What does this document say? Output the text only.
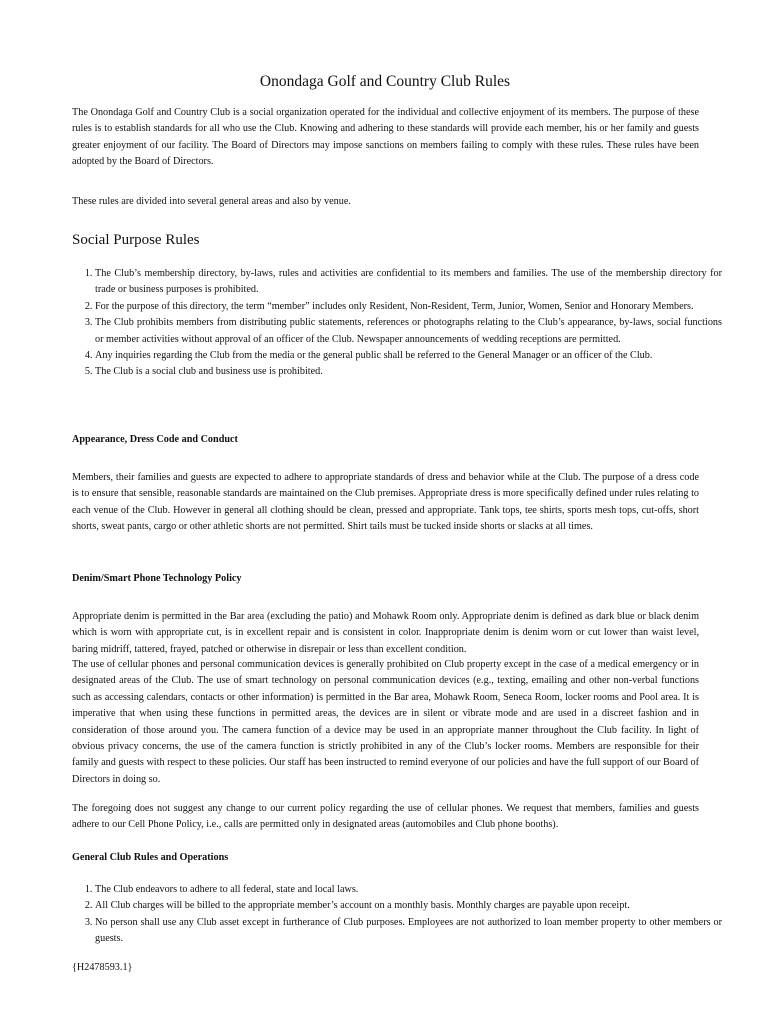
Onondaga Golf and Country Club Rules

The Onondaga Golf and Country Club is a social organization operated for the individual and collective enjoyment of its members. The purpose of these rules is to establish standards for all who use the Club. Knowing and adhering to these standards will provide each member, his or her family and guests greater enjoyment of our facility. The Board of Directors may impose sanctions on members failing to comply with these rules. These rules have been adopted by the Board of Directors.

These rules are divided into several general areas and also by venue.

Social Purpose Rules
1. The Club’s membership directory, by-laws, rules and activities are confidential to its members and families. The use of the membership directory for trade or business purposes is prohibited.
2. For the purpose of this directory, the term “member” includes only Resident, Non-Resident, Term, Junior, Women, Senior and Honorary Members.
3. The Club prohibits members from distributing public statements, references or photographs relating to the Club’s appearance, by-laws, social functions or member activities without approval of an officer of the Club. Newspaper announcements of wedding receptions are permitted.
4. Any inquiries regarding the Club from the media or the general public shall be referred to the General Manager or an officer of the Club.
5. The Club is a social club and business use is prohibited.
Appearance, Dress Code and Conduct

Members, their families and guests are expected to adhere to appropriate standards of dress and behavior while at the Club. The purpose of a dress code is to ensure that sensible, reasonable standards are maintained on the Club premises. Appropriate dress is more specifically defined under rules relating to each venue of the Club. However in general all clothing should be clean, pressed and appropriate. Tank tops, tee shirts, sports mesh tops, cut-offs, short shorts, sweat pants, cargo or other athletic shorts are not permitted. Shirt tails must be tucked inside shorts or slacks at all times.

Denim/Smart Phone Technology Policy

Appropriate denim is permitted in the Bar area (excluding the patio) and Mohawk Room only. Appropriate denim is defined as dark blue or black denim which is worn with appropriate cut, is in excellent repair and is consistent in color. Inappropriate denim is denim worn or cut lower than waist level, baring midriff, tattered, frayed, patched or otherwise in disrepair or less than excellent condition.

The use of cellular phones and personal communication devices is generally prohibited on Club property except in the case of a medical emergency or in designated areas of the Club. The use of smart technology on personal communication devices (e.g., texting, emailing and other non-verbal functions such as accessing calendars, contacts or other information) is permitted in the Bar area, Mohawk Room, Seneca Room, locker rooms and Pool area. It is imperative that when using these functions in permitted areas, the devices are in silent or vibrate mode and are used in a discreet fashion and in consideration of those around you. The camera function of a device may be used in an appropriate manner throughout the Club facility. In light of obvious privacy concerns, the use of the camera function is strictly prohibited in any of the Club’s locker rooms. Members are responsible for their family and guests with respect to these policies. Our staff has been instructed to remind everyone of our policies and have the full support of our Board of Directors in doing so.

The foregoing does not suggest any change to our current policy regarding the use of cellular phones. We request that members, families and guests adhere to our Cell Phone Policy, i.e., calls are permitted only in designated areas (automobiles and Club phone booths).

General Club Rules and Operations
1. The Club endeavors to adhere to all federal, state and local laws.
2. All Club charges will be billed to the appropriate member’s account on a monthly basis. Monthly charges are payable upon receipt.
3. No person shall use any Club asset except in furtherance of Club purposes. Employees are not authorized to loan member property to other members or guests.
{H2478593.1}
